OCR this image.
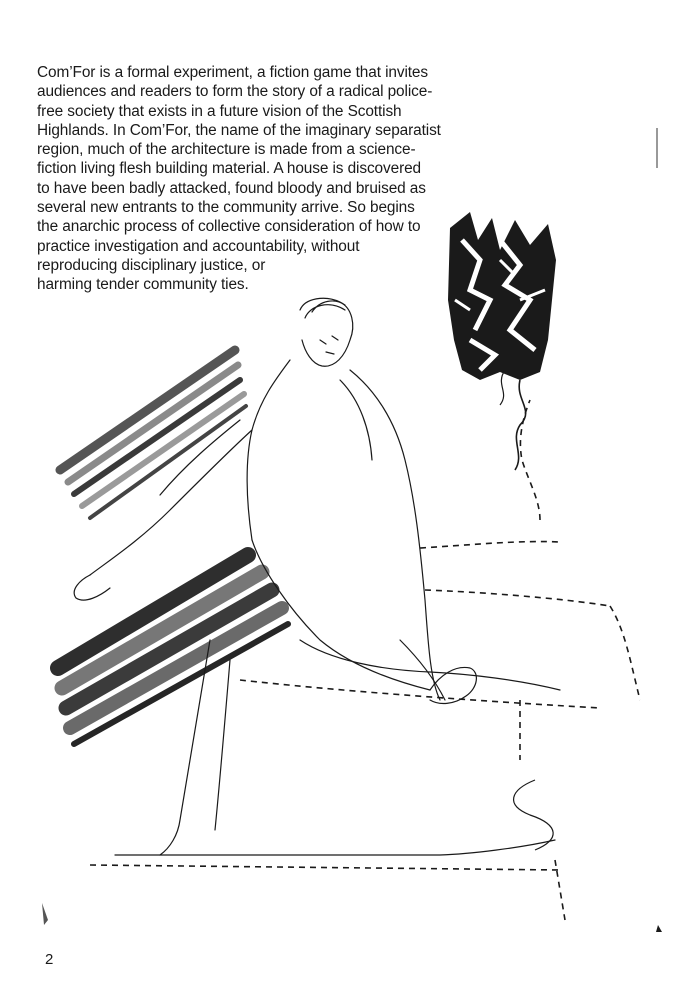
Com’For is a formal experiment, a fiction game that invites
audiences and readers to form the story of a radical police-
free society that exists in a future vision of the Scottish
Highlands. In Com’For, the name of the imaginary separatist
region, much of the architecture is made from a science-
fiction living flesh building material. A house is discovered
to have been badly attacked, found bloody and bruised as
several new entrants to the community arrive. So begins
the anarchic process of collective consideration of how to
practice investigation and accountability, without
reproducing disciplinary justice, or
harming tender community ties.

2
